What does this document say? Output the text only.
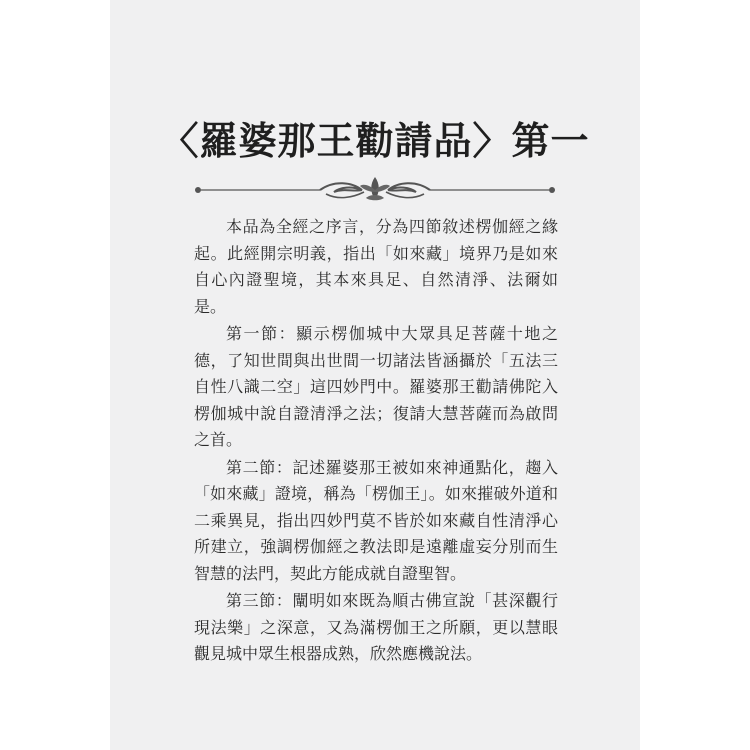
〈羅婆那王勸請品〉第一

本品為全經之序言，分為四節敘述楞伽經之緣起。此經開宗明義，指出「如來藏」境界乃是如來自心內證聖境，其本來具足、自然清淨、法爾如是。

第一節：顯示楞伽城中大眾具足菩薩十地之德，了知世間與出世間一切諸法皆涵攝於「五法三自性八識二空」這四妙門中。羅婆那王勸請佛陀入楞伽城中說自證清淨之法；復請大慧菩薩而為啟問之首。

第二節：記述羅婆那王被如來神通點化，趨入「如來藏」證境，稱為「楞伽王」。如來摧破外道和二乘異見，指出四妙門莫不皆於如來藏自性清淨心所建立，強調楞伽經之教法即是遠離虛妄分別而生智慧的法門，契此方能成就自證聖智。

第三節：闡明如來既為順古佛宣說「甚深觀行現法樂」之深意，又為滿楞伽王之所願，更以慧眼觀見城中眾生根器成熟，欣然應機說法。
